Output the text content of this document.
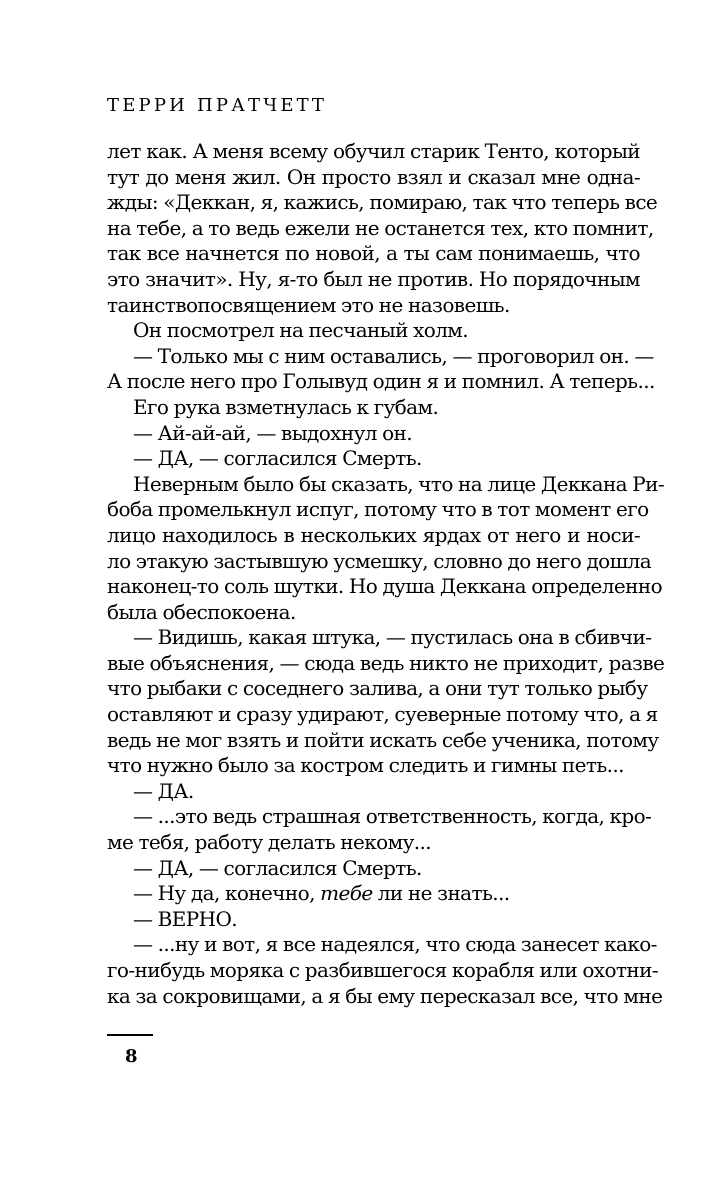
ТЕРРИ ПРАТЧЕТТ
лет как. А меня всему обучил старик Тенто, который
тут до меня жил. Он просто взял и сказал мне одна-
жды: «Деккан, я, кажись, помираю, так что теперь все
на тебе, а то ведь ежели не останется тех, кто помнит,
так все начнется по новой, а ты сам понимаешь, что
это значит». Ну, я-то был не против. Но порядочным
таинствопосвящением это не назовешь.
Он посмотрел на песчаный холм.
— Только мы с ним оставались, — проговорил он. —
А после него про Голывуд один я и помнил. А теперь...
Его рука взметнулась к губам.
— Ай-ай-ай, — выдохнул он.
— ДА, — согласился Смерть.
Неверным было бы сказать, что на лице Деккана Ри-
бобa промелькнул испуг, потому что в тот момент его
лицо находилось в нескольких ярдах от него и носи-
ло этакую застывшую усмешку, словно до него дошла
наконец-то соль шутки. Но душа Деккана определенно
была обеспокоена.
— Видишь, какая штука, — пустилась она в сбивчи-
вые объяснения, — сюда ведь никто не приходит, разве
что рыбаки с соседнего залива, а они тут только рыбу
оставляют и сразу удирают, суеверные потому что, а я
ведь не мог взять и пойти искать себе ученика, потому
что нужно было за костром следить и гимны петь...
— ДА.
— ...это ведь страшная ответственность, когда, кро-
ме тебя, работу делать некому...
— ДА, — согласился Смерть.
— Ну да, конечно, тебе ли не знать...
— ВЕРНО.
— ...ну и вот, я все надеялся, что сюда занесет како-
го-нибудь моряка с разбившегося корабля или охотни-
ка за сокровищами, а я бы ему пересказал все, что мне
8
